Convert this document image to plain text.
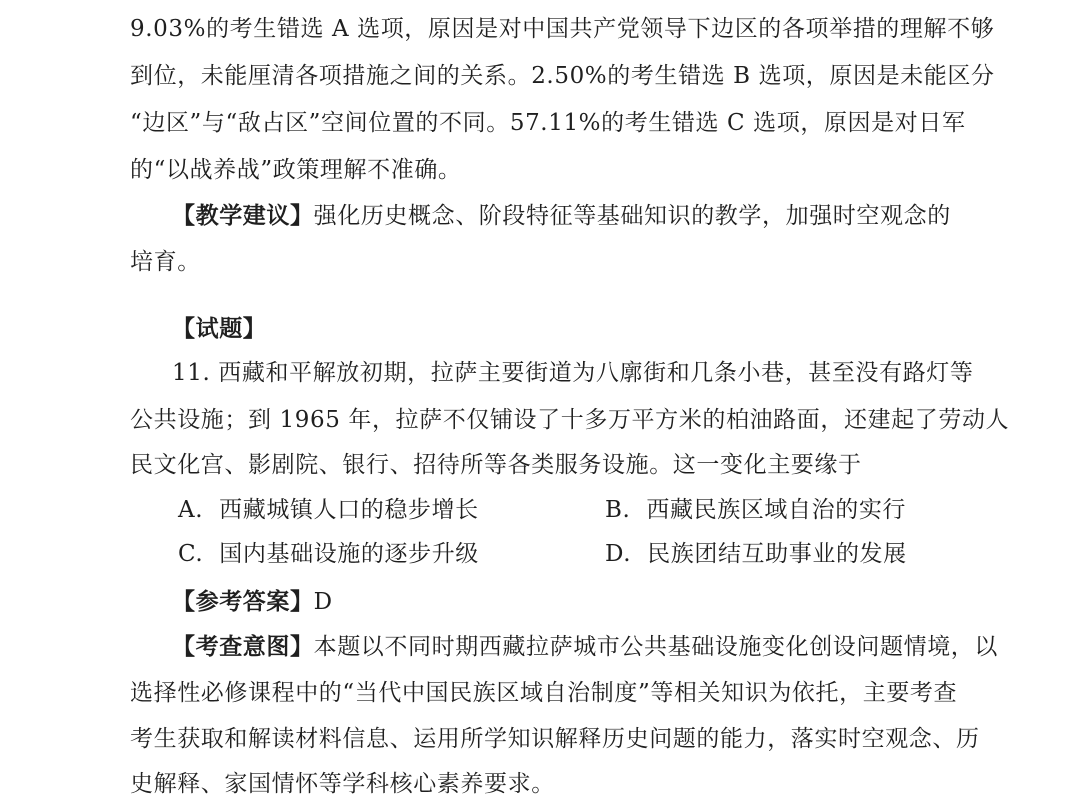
9.03%的考生错选 A 选项，原因是对中国共产党领导下边区的各项举措的理解不够
到位，未能厘清各项措施之间的关系。2.50%的考生错选 B 选项，原因是未能区分
“边区”与“敌占区”空间位置的不同。57.11%的考生错选 C 选项，原因是对日军
的“以战养战”政策理解不准确。
【教学建议】强化历史概念、阶段特征等基础知识的教学，加强时空观念的
培育。
【试题】
11. 西藏和平解放初期，拉萨主要街道为八廓街和几条小巷，甚至没有路灯等
公共设施；到 1965 年，拉萨不仅铺设了十多万平方米的柏油路面，还建起了劳动人
民文化宫、影剧院、银行、招待所等各类服务设施。这一变化主要缘于
A. 西藏城镇人口的稳步增长	B. 西藏民族区域自治的实行
C. 国内基础设施的逐步升级	D. 民族团结互助事业的发展
【参考答案】D
【考查意图】本题以不同时期西藏拉萨城市公共基础设施变化创设问题情境，以
选择性必修课程中的“当代中国民族区域自治制度”等相关知识为依托，主要考查
考生获取和解读材料信息、运用所学知识解释历史问题的能力，落实时空观念、历
史解释、家国情怀等学科核心素养要求。
